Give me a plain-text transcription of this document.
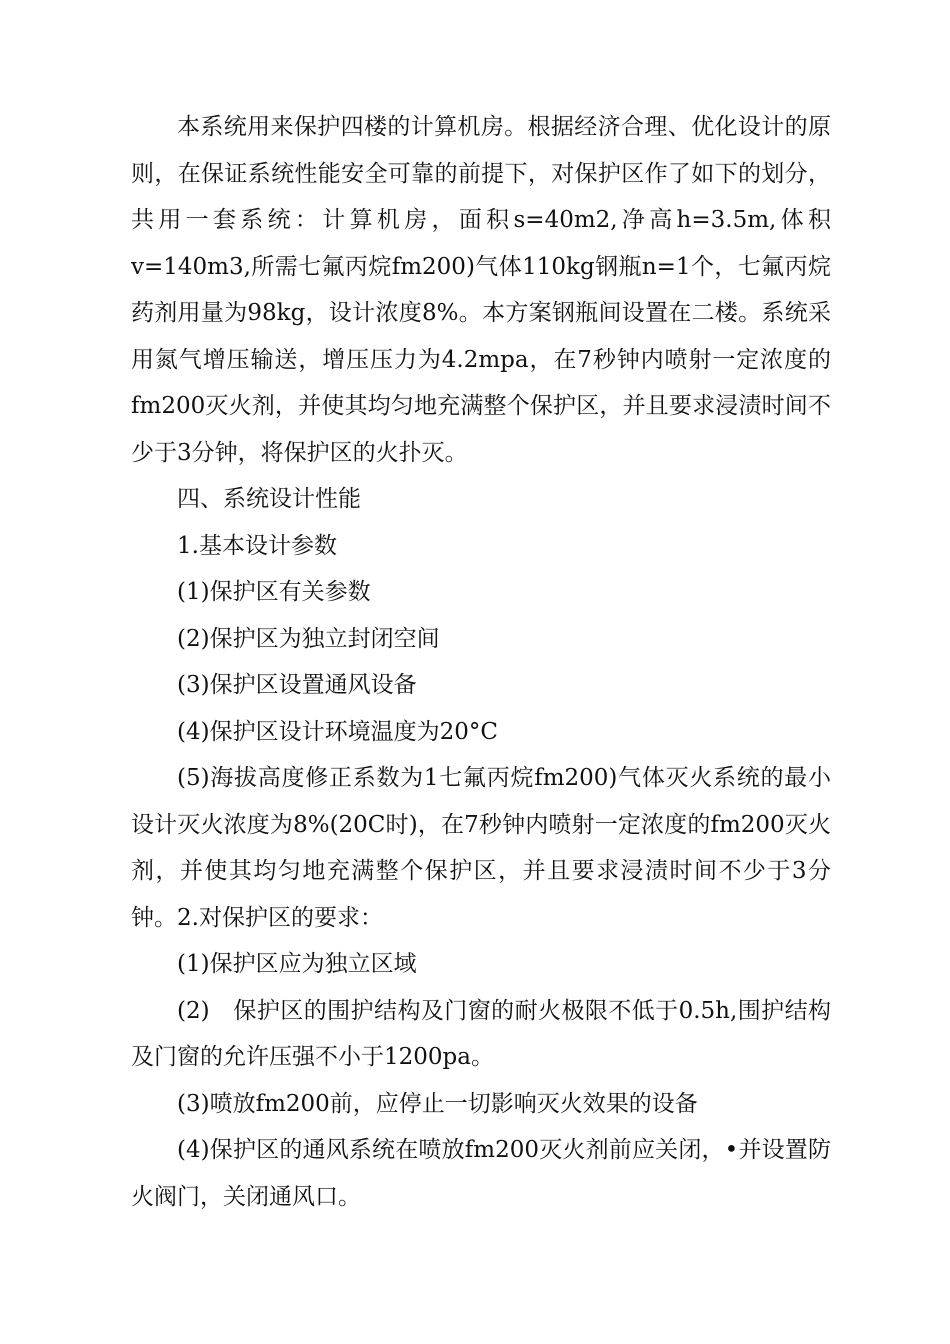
本系统用来保护四楼的计算机房。根据经济合理、优化设计的原则，在保证系统性能安全可靠的前提下，对保护区作了如下的划分，共用一套系统：计算机房，面积s=40m2,净高h=3.5m,体积v=140m3,所需七氟丙烷fm200)气体110kg钢瓶n=1个，七氟丙烷药剂用量为98kg，设计浓度8%。本方案钢瓶间设置在二楼。系统采用氮气增压输送，增压压力为4.2mpa，在7秒钟内喷射一定浓度的fm200灭火剂，并使其均匀地充满整个保护区，并且要求浸渍时间不少于3分钟，将保护区的火扑灭。

四、系统设计性能

1.基本设计参数

(1)保护区有关参数

(2)保护区为独立封闭空间

(3)保护区设置通风设备

(4)保护区设计环境温度为20°C

(5)海拔高度修正系数为1七氟丙烷fm200)气体灭火系统的最小设计灭火浓度为8%(20C时)，在7秒钟内喷射一定浓度的fm200灭火剂，并使其均匀地充满整个保护区，并且要求浸渍时间不少于3分钟。2.对保护区的要求：

(1)保护区应为独立区域

(2)　保护区的围护结构及门窗的耐火极限不低于0.5h,围护结构及门窗的允许压强不小于1200pa。

(3)喷放fm200前，应停止一切影响灭火效果的设备

(4)保护区的通风系统在喷放fm200灭火剂前应关闭，•并设置防火阀门，关闭通风口。
